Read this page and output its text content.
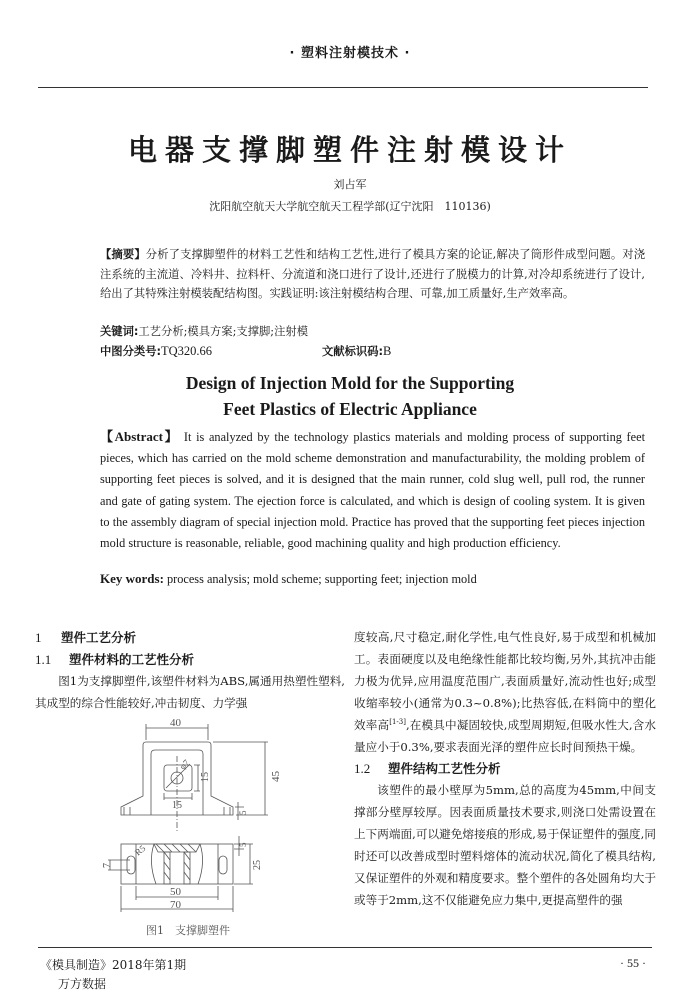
· 塑料注射模技术 ·
电器支撑脚塑件注射模设计
刘占军
沈阳航空航天大学航空航天工程学部(辽宁沈阳　110136)
【摘要】分析了支撑脚塑件的材料工艺性和结构工艺性,进行了模具方案的论证,解决了筒形件成型问题。对浇注系统的主流道、冷料井、拉料杆、分流道和浇口进行了设计,还进行了脱模力的计算,对冷却系统进行了设计,给出了其特殊注射模装配结构图。实践证明:该注射模结构合理、可靠,加工质量好,生产效率高。
关键词:工艺分析;模具方案;支撑脚;注射模
中图分类号:TQ320.66	文献标识码:B
Design of Injection Mold for the Supporting
Feet Plastics of Electric Appliance
【Abstract】 It is analyzed by the technology plastics materials and molding process of supporting feet pieces, which has carried on the mold scheme demonstration and manufacturability, the molding problem of supporting feet pieces is solved, and it is designed that the main runner, cold slug well, pull rod, the runner and gate of gating system. The ejection force is calculated, and which is design of cooling system. It is given to the assembly diagram of special injection mold. Practice has proved that the supporting feet pieces injection mold structure is reasonable, reliable, good machining quality and high production efficiency.
Key words: process analysis; mold scheme; supporting feet; injection mold
1 塑件工艺分析
1.1 塑件材料的工艺性分析
图1为支撑脚塑件,该塑件材料为ABS,属通用热塑性塑料,其成型的综合性能较好,冲击韧度、力学强
度较高,尺寸稳定,耐化学性,电气性良好,易于成型和机械加工。表面硬度以及电绝缘性能都比较均衡,另外,其抗冲击能力极为优异,应用温度范围广,表面质量好,流动性也好;成型收缩率较小(通常为0.3~0.8%);比热容低,在料筒中的塑化效率高[1-3],在模具中凝固较快,成型周期短,但吸水性大,含水量应小于0.3%,要求表面光泽的塑件应长时间预热干燥。
1.2 塑件结构工艺性分析
该塑件的最小壁厚为5mm,总的高度为45mm,中间支撑部分壁厚较厚。因表面质量技术要求,则浇口处需设置在上下两端面,可以避免熔接痕的形成,易于保证塑件的强度,同时还可以改善成型时塑料熔体的流动状况,简化了模具结构,又保证塑件的外观和精度要求。整个塑件的各处圆角均大于或等于2mm,这不仅能避免应力集中,更提高塑件的强
40
45
φ7
15
15
5
5
25
7
R5
50
70
图1　支撑脚塑件
《模具制造》2018年第1期	· 55 ·
万方数据
